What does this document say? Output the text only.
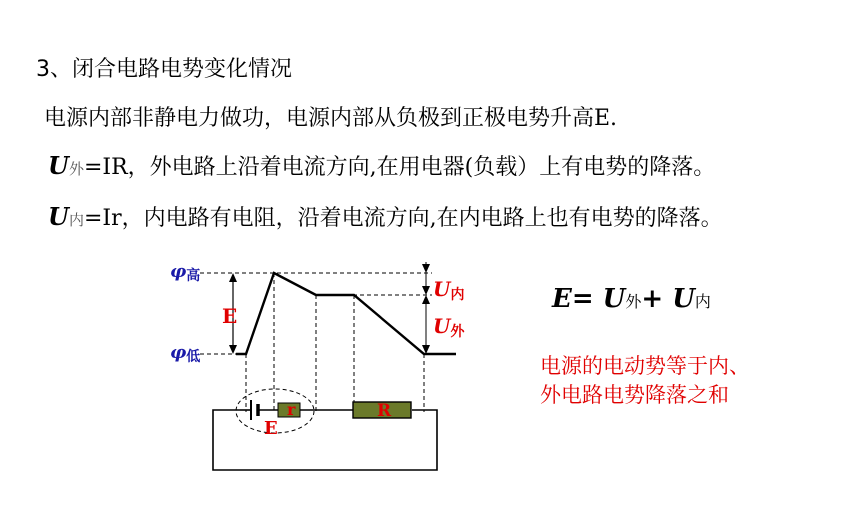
3、闭合电路电势变化情况
电源内部非静电力做功，电源内部从负极到正极电势升高E.
U外=IR，外电路上沿着电流方向,在用电器(负载）上有电势的降落。
U内=Ir，内电路有电阻，沿着电流方向,在内电路上也有电势的降落。
φ高
φ低
E
U内
U外
r	R
E
E= U外+ U内
电源的电动势等于内、
外电路电势降落之和
